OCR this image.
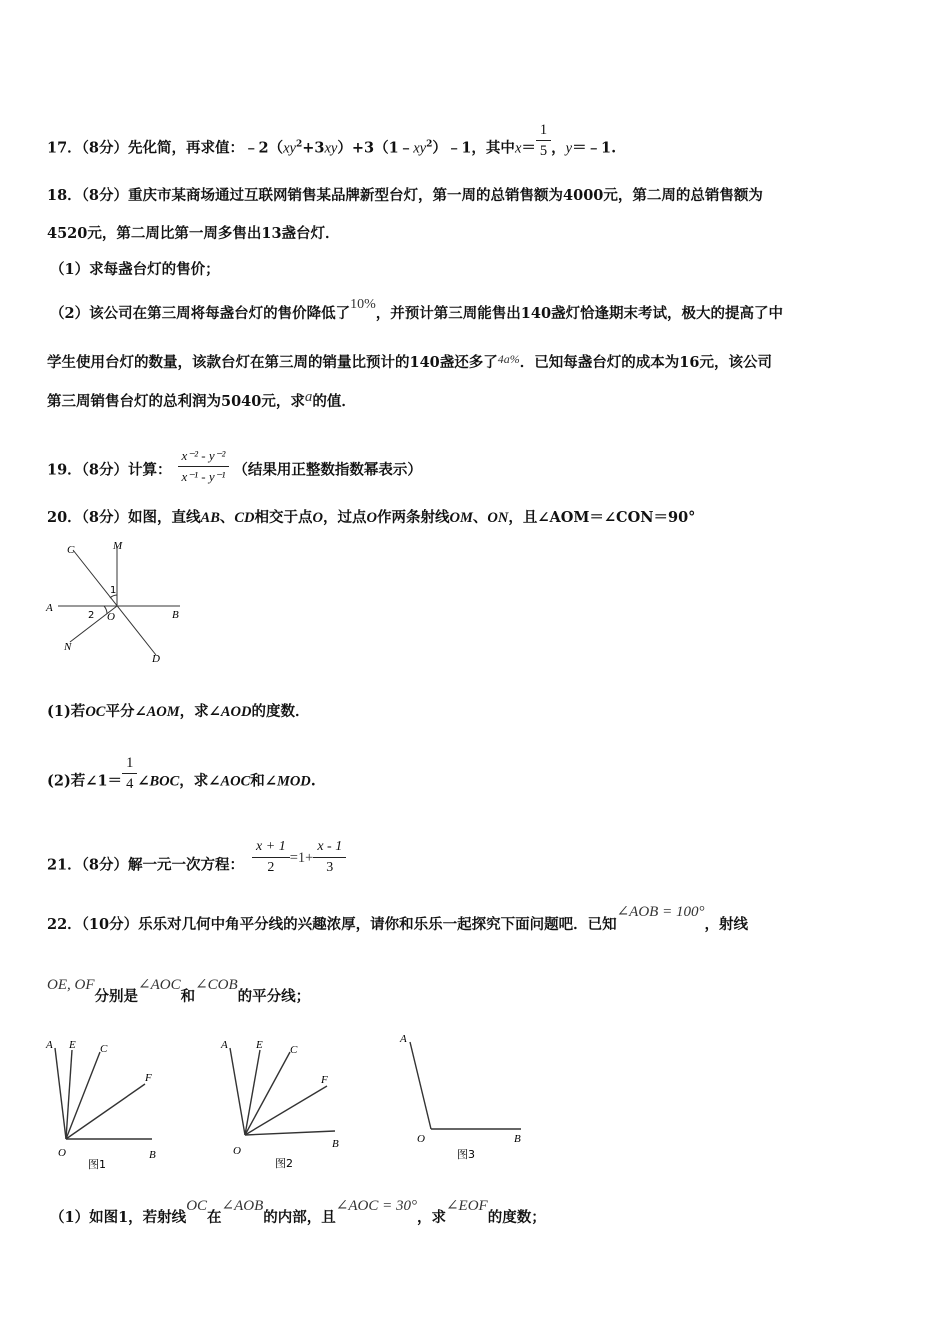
17．（8分）先化简，再求值：$﹣2(xy^2+3xy)+3(1﹣xy^2)﹣1$，其中$x= \frac{1}{5}$ ，y＝﹣1.
18．（8分）重庆市某商场通过互联网销售某品牌新型台灯，第一周的总销售额为4000元，第二周的总销售额为
4520元，第二周比第一周多售出13盏台灯．
（1）求每盏台灯的售价；
（2）该公司在第三周将每盏台灯的售价降低了10%，并预计第三周能售出140盏灯恰逢期末考试，极大的提高了中
学生使用台灯的数量，该款台灯在第三周的销量比预计的140盏还多了$^{4a\%}$．已知每盏台灯的成本为16元，该公司
第三周销售台灯的总利润为5040元，求a的值．
19．（8分）计算： $\frac{\text{x⁻² - y⁻²}}{\text{x⁻¹ - y⁻¹}}$ （结果用正整数指数幂表示）
20．（8分）如图，直线AB、CD相交于点O，过点O作两条射线OM、ON，且∠AOM＝∠CON＝90°
C	M
A
B
O
N
D
1
2
(1)若OC平分∠AOM，求∠AOD的度数．
(2)若∠1＝ $\frac{1}{4}$ ∠BOC，求∠AOC和∠MOD.
21．（8分）解一元一次方程： $\frac{x + 1}{2} =1+ \frac{x - 1}{3}$
22．（10分）乐乐对几何中角平分线的兴趣浓厚，请你和乐乐一起探究下面问题吧．已知∠AOB = 100°，射线
OE, OF分别是∠AOC和∠COB的平分线；
A E C
F
O	B
图1
A	E C
F
O
B
图2
A
O	B
图3
（1）如图1，若射线OC在∠AOB的内部，且∠AOC = 30°，求∠EOF的度数；
